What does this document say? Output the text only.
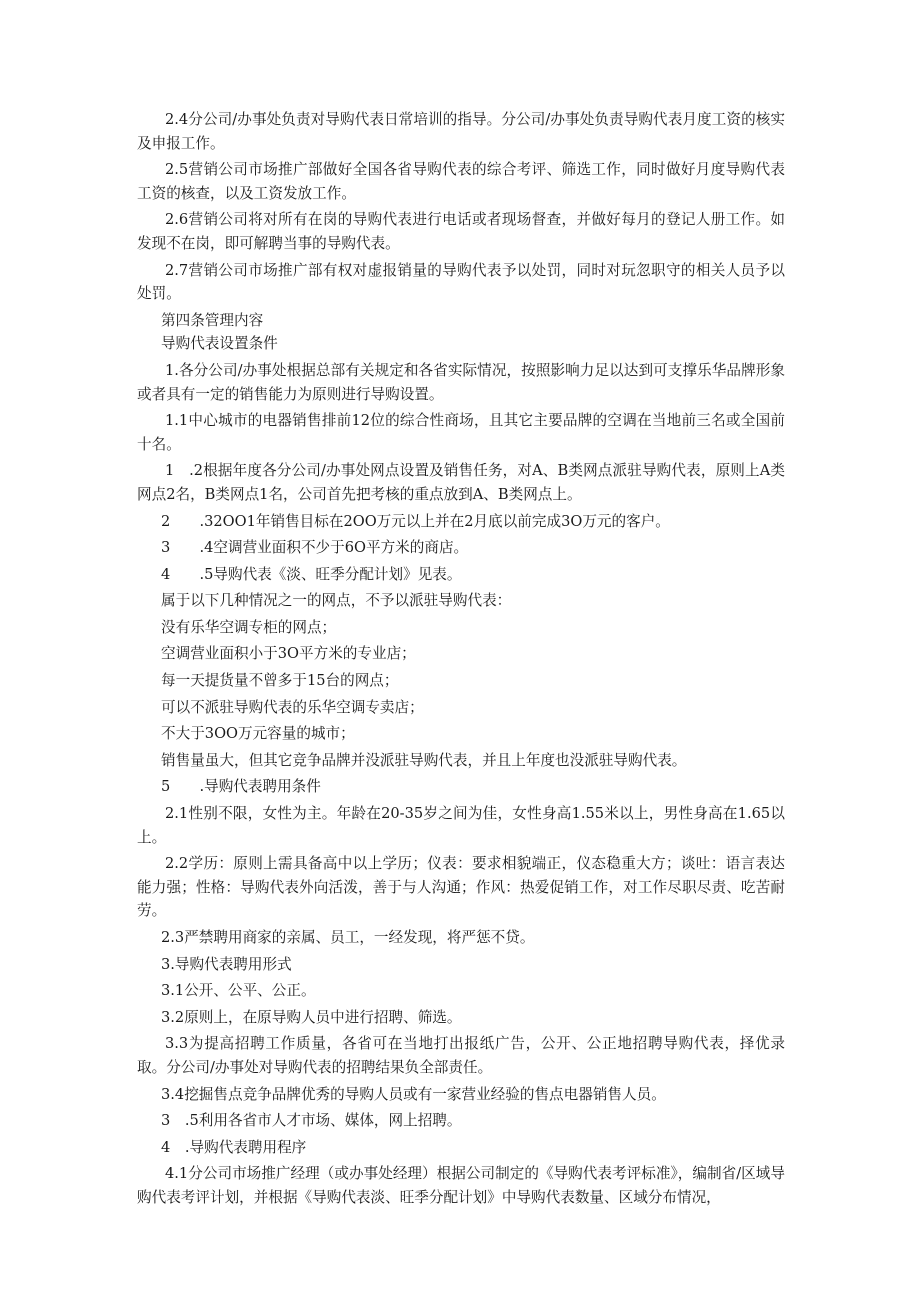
2.4分公司/办事处负责对导购代表日常培训的指导。分公司/办事处负责导购代表月度工资的核实及申报工作。

2.5营销公司市场推广部做好全国各省导购代表的综合考评、筛选工作，同时做好月度导购代表工资的核查，以及工资发放工作。

2.6营销公司将对所有在岗的导购代表进行电话或者现场督查，并做好每月的登记人册工作。如发现不在岗，即可解聘当事的导购代表。

2.7营销公司市场推广部有权对虚报销量的导购代表予以处罚，同时对玩忽职守的相关人员予以处罚。

第四条管理内容

导购代表设置条件

1.各分公司/办事处根据总部有关规定和各省实际情况，按照影响力足以达到可支撑乐华品牌形象或者具有一定的销售能力为原则进行导购设置。

1.1中心城市的电器销售排前12位的综合性商场，且其它主要品牌的空调在当地前三名或全国前十名。

1　.2根据年度各分公司/办事处网点设置及销售任务，对A、B类网点派驻导购代表，原则上A类网点2名，B类网点1名，公司首先把考核的重点放到A、B类网点上。

2　　.32OO1年销售目标在2OO万元以上并在2月底以前完成3O万元的客户。

3　　.4空调营业面积不少于6O平方米的商店。

4　　.5导购代表《淡、旺季分配计划》见表。

属于以下几种情况之一的网点，不予以派驻导购代表：

没有乐华空调专柜的网点；

空调营业面积小于3O平方米的专业店；

每一天提货量不曾多于15台的网点；

可以不派驻导购代表的乐华空调专卖店；

不大于3OO万元容量的城市；

销售量虽大，但其它竞争品牌并没派驻导购代表，并且上年度也没派驻导购代表。

5　　.导购代表聘用条件

2.1性别不限，女性为主。年龄在20-35岁之间为佳，女性身高1.55米以上，男性身高在1.65以上。

2.2学历：原则上需具备高中以上学历；仪表：要求相貌端正，仪态稳重大方；谈吐：语言表达能力强；性格：导购代表外向活泼，善于与人沟通；作风：热爱促销工作，对工作尽职尽责、吃苦耐劳。

2.3严禁聘用商家的亲属、员工，一经发现，将严惩不贷。

3.导购代表聘用形式

3.1公开、公平、公正。

3.2原则上，在原导购人员中进行招聘、筛选。

3.3为提高招聘工作质量，各省可在当地打出报纸广告，公开、公正地招聘导购代表，择优录取。分公司/办事处对导购代表的招聘结果负全部责任。

3.4挖掘售点竞争品牌优秀的导购人员或有一家营业经验的售点电器销售人员。

3　.5利用各省市人才市场、媒体，网上招聘。

4　.导购代表聘用程序

4.1分公司市场推广经理（或办事处经理）根据公司制定的《导购代表考评标准》，编制省/区域导购代表考评计划，并根据《导购代表淡、旺季分配计划》中导购代表数量、区域分布情况，
